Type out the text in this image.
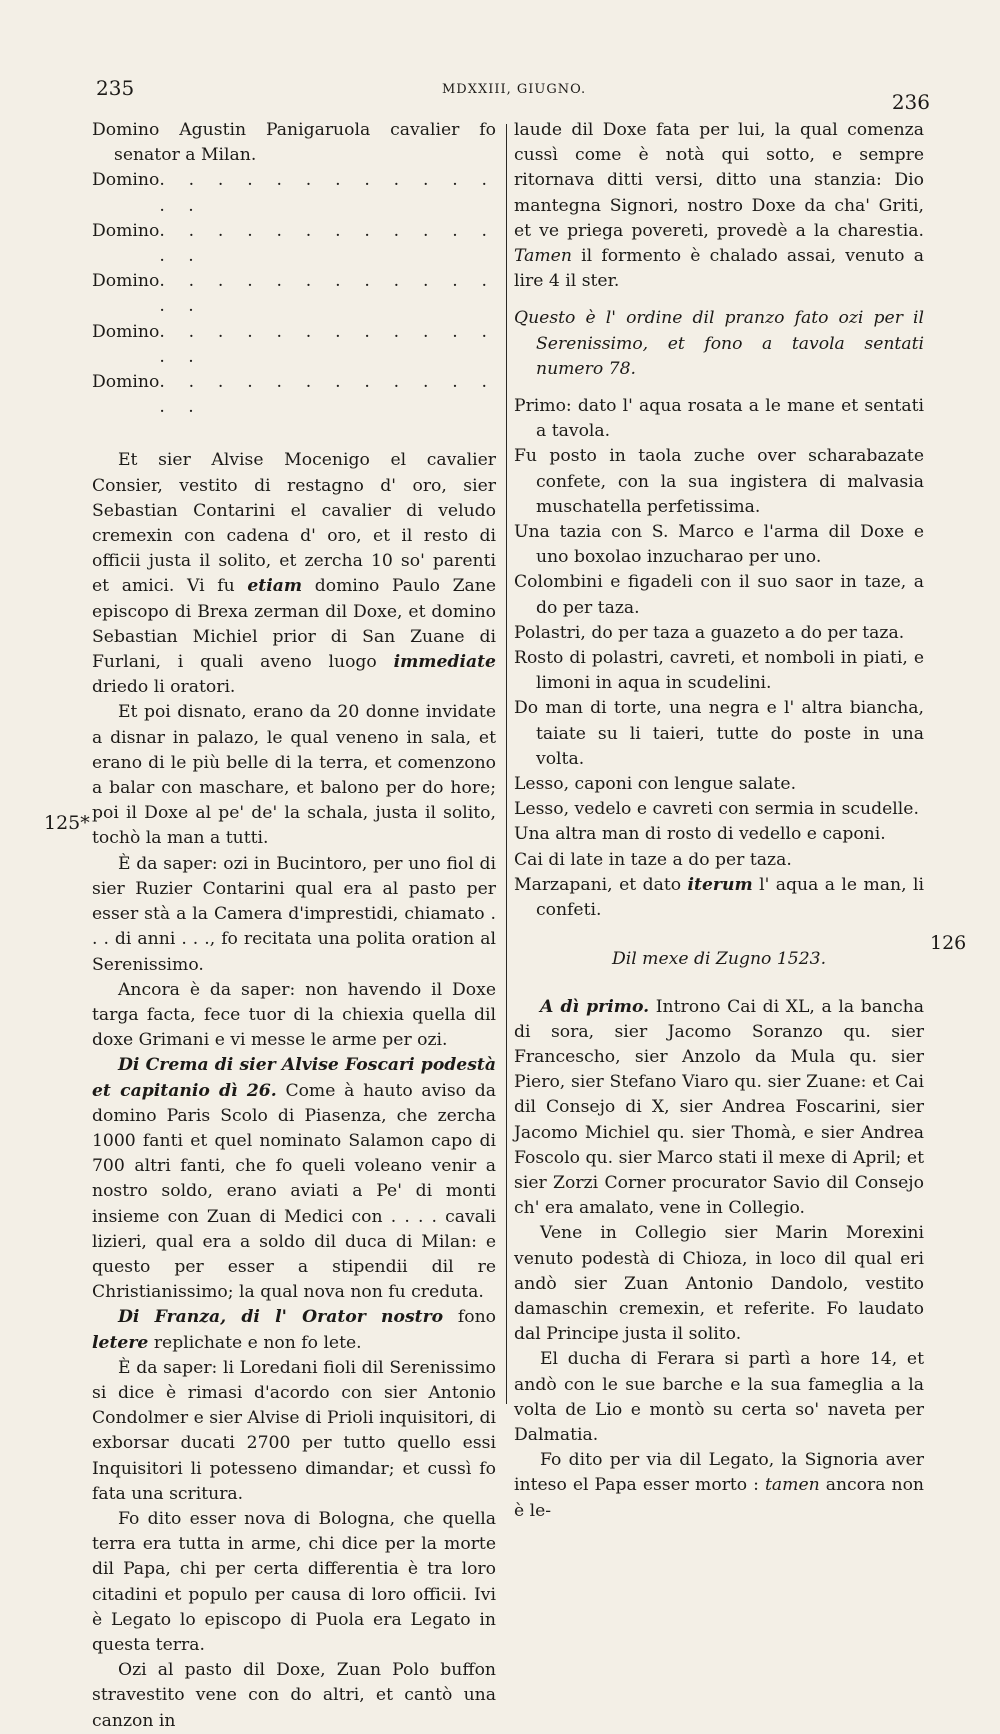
235	MDXXIII, GIUGNO.
236
125*
126

Domino Agustin Panigaruola cavalier fo senator a Milan.

Domino . . . . . . . . . . . . . .
Domino . . . . . . . . . . . . . .
Domino . . . . . . . . . . . . . .
Domino . . . . . . . . . . . . . .
Domino . . . . . . . . . . . . . .

Et sier Alvise Mocenigo el cavalier Consier, vestito di restagno d' oro, sier Sebastian Contarini el cavalier di veludo cremexin con cadena d' oro, et il resto di officii justa il solito, et zercha 10 so' parenti et amici. Vi fu etiam domino Paulo Zane episcopo di Brexa zerman dil Doxe, et domino Sebastian Michiel prior di San Zuane di Furlani, i quali aveno luogo immediate driedo li oratori.

Et poi disnato, erano da 20 donne invidate a disnar in palazo, le qual veneno in sala, et erano di le più belle di la terra, et comenzono a balar con maschare, et balono per do hore; poi il Doxe al pe' de' la schala, justa il solito, tochò la man a tutti.

È da saper: ozi in Bucintoro, per uno fiol di sier Ruzier Contarini qual era al pasto per esser stà a la Camera d'imprestidi, chiamato . . . di anni . . ., fo recitata una polita oration al Serenissimo.

Ancora è da saper: non havendo il Doxe targa facta, fece tuor di la chiexia quella dil doxe Grimani e vi messe le arme per ozi.

Di Crema di sier Alvise Foscari podestà et capitanio dì 26. Come à hauto aviso da domino Paris Scolo di Piasenza, che zercha 1000 fanti et quel nominato Salamon capo di 700 altri fanti, che fo queli voleano venir a nostro soldo, erano aviati a Pe' di monti insieme con Zuan di Medici con . . . . cavali lizieri, qual era a soldo dil duca di Milan: e questo per esser a stipendii dil re Christianissimo; la qual nova non fu creduta.

Di Franza, di l' Orator nostro fono letere replichate e non fo lete.

È da saper: li Loredani fioli dil Serenissimo si dice è rimasi d'acordo con sier Antonio Condolmer e sier Alvise di Prioli inquisitori, di exborsar ducati 2700 per tutto quello essi Inquisitori li potesseno dimandar; et cussì fo fata una scritura.

Fo dito esser nova di Bologna, che quella terra era tutta in arme, chi dice per la morte dil Papa, chi per certa differentia è tra loro citadini et populo per causa di loro officii. Ivi è Legato lo episcopo di Puola era Legato in questa terra.

Ozi al pasto dil Doxe, Zuan Polo buffon stravestito vene con do altri, et cantò una canzon in

laude dil Doxe fata per lui, la qual comenza cussì come è notà qui sotto, e sempre ritornava ditti versi, ditto una stanzia: Dio mantegna Signori, nostro Doxe da cha' Griti, et ve priega povereti, provedè a la charestia. Tamen il formento è chalado assai, venuto a lire 4 il ster.

Questo è l' ordine dil pranzo fato ozi per il Serenissimo, et fono a tavola sentati numero 78.

Primo: dato l' aqua rosata a le mane et sentati a tavola.

Fu posto in taola zuche over scharabazate confete, con la sua ingistera di malvasia muschatella perfetissima.

Una tazia con S. Marco e l'arma dil Doxe e uno boxolao inzucharao per uno.

Colombini e figadeli con il suo saor in taze, a do per taza.

Polastri, do per taza a guazeto a do per taza.

Rosto di polastri, cavreti, et nomboli in piati, e limoni in aqua in scudelini.

Do man di torte, una negra e l' altra biancha, taiate su li taieri, tutte do poste in una volta.

Lesso, caponi con lengue salate.

Lesso, vedelo e cavreti con sermia in scudelle.

Una altra man di rosto di vedello e caponi.

Cai di late in taze a do per taza.

Marzapani, et dato iterum l' aqua a le man, li confeti.

Dil mexe di Zugno 1523.

A dì primo. Introno Cai di XL, a la bancha di sora, sier Jacomo Soranzo qu. sier Francescho, sier Anzolo da Mula qu. sier Piero, sier Stefano Viaro qu. sier Zuane: et Cai dil Consejo di X, sier Andrea Foscarini, sier Jacomo Michiel qu. sier Thomà, e sier Andrea Foscolo qu. sier Marco stati il mexe di April; et sier Zorzi Corner procurator Savio dil Consejo ch' era amalato, vene in Collegio.

Vene in Collegio sier Marin Morexini venuto podestà di Chioza, in loco dil qual eri andò sier Zuan Antonio Dandolo, vestito damaschin cremexin, et referite. Fo laudato dal Principe justa il solito.

El ducha di Ferara si partì a hore 14, et andò con le sue barche e la sua fameglia a la volta de Lio e montò su certa so' naveta per Dalmatia.

Fo dito per via dil Legato, la Signoria aver inteso el Papa esser morto : tamen ancora non è le-
